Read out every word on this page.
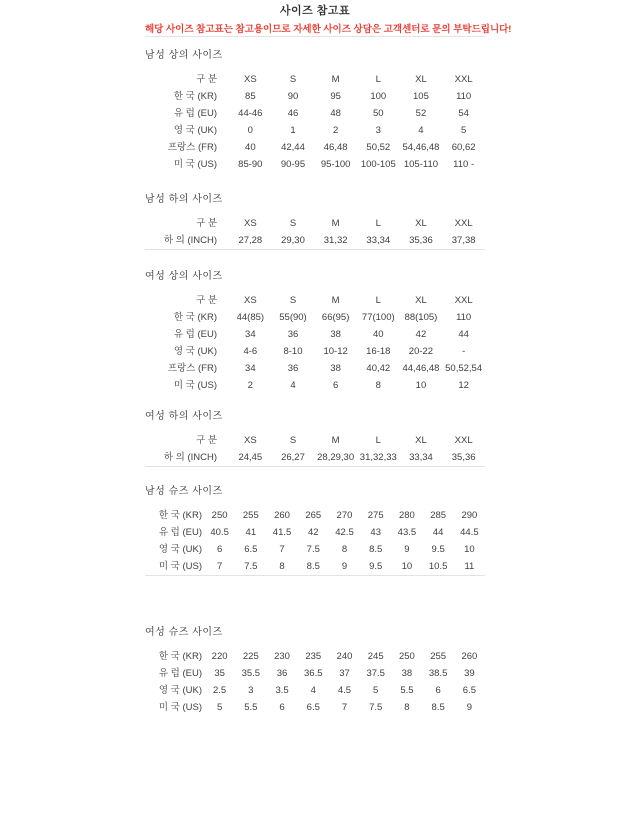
사이즈 참고표
해당 사이즈 참고표는 참고용이므로 자세한 사이즈 상담은 고객센터로 문의 부탁드립니다!
남성 상의 사이즈
구 분	XS	S	M	L	XL	XXL
한 국 (KR)	85	90	95	100	105	110
유 럽 (EU)	44-46	46	48	50	52	54
영 국 (UK)	0	1	2	3	4	5
프랑스 (FR)	40	42,44	46,48	50,52	54,46,48	60,62
미 국 (US)	85-90	90-95	95-100	100-105	105-110	110 -
남성 하의 사이즈
구 분	XS	S	M	L	XL	XXL
하 의 (INCH)	27,28	29,30	31,32	33,34	35,36	37,38
여성 상의 사이즈
구 분	XS	S	M	L	XL	XXL
한 국 (KR)	44(85)	55(90)	66(95)	77(100)	88(105)	110
유 럽 (EU)	34	36	38	40	42	44
영 국 (UK)	4-6	8-10	10-12	16-18	20-22	-
프랑스 (FR)	34	36	38	40,42	44,46,48	50,52,54
미 국 (US)	2	4	6	8	10	12
여성 하의 사이즈
구 분	XS	S	M	L	XL	XXL
하 의 (INCH)	24,45	26,27	28,29,30	31,32,33	33,34	35,36
남성 슈즈 사이즈
한 국 (KR)	250	255	260	265	270	275	280	285	290
유 럽 (EU)	40.5	41	41.5	42	42.5	43	43.5	44	44.5
영 국 (UK)	6	6.5	7	7.5	8	8.5	9	9.5	10
미 국 (US)	7	7.5	8	8.5	9	9.5	10	10.5	11
여성 슈즈 사이즈
한 국 (KR)	220	225	230	235	240	245	250	255	260
유 럽 (EU)	35	35.5	36	36.5	37	37.5	38	38.5	39
영 국 (UK)	2.5	3	3.5	4	4.5	5	5.5	6	6.5
미 국 (US)	5	5.5	6	6.5	7	7.5	8	8.5	9
